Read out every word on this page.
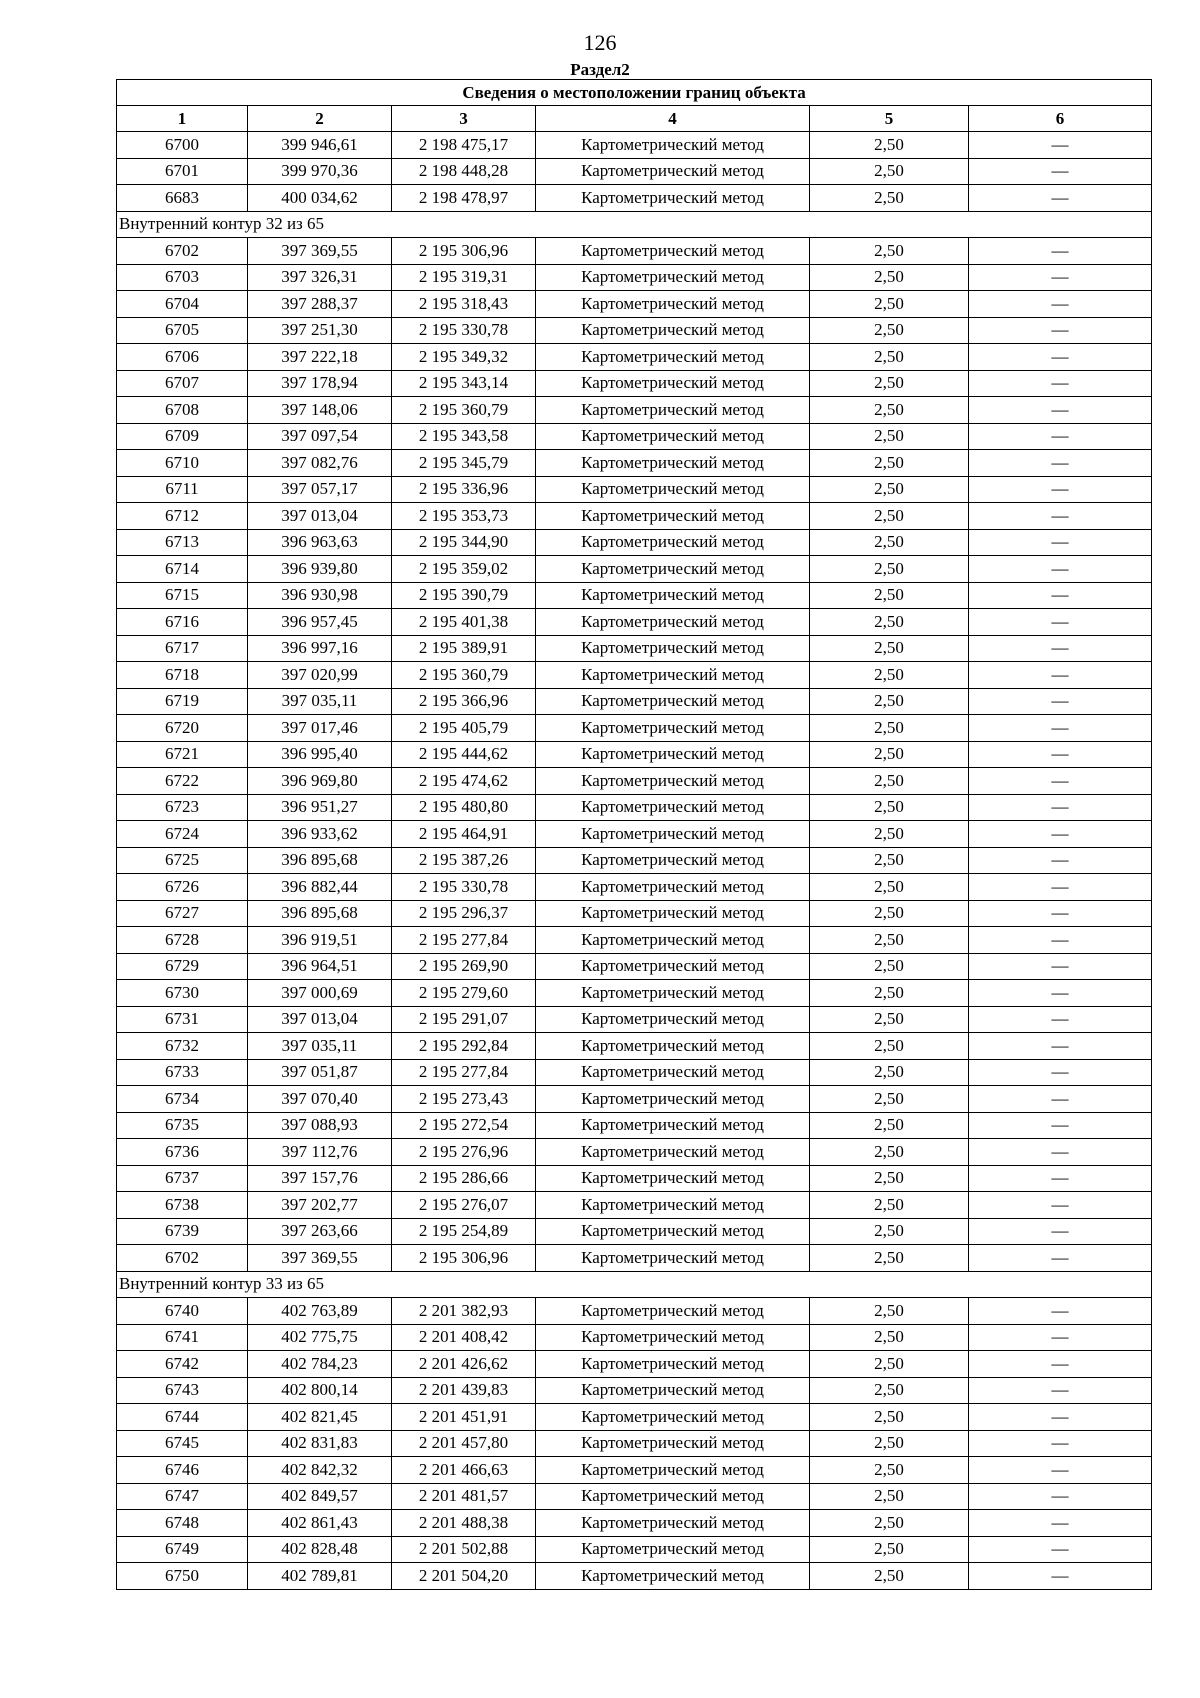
126
Раздел2
Сведения о местоположении границ объекта					
1	2	3	4	5	6
6700	399 946,61	2 198 475,17	Картометрический метод	2,50	—
6701	399 970,36	2 198 448,28	Картометрический метод	2,50	—
6683	400 034,62	2 198 478,97	Картометрический метод	2,50	—
Внутренний контур 32 из 65					
6702	397 369,55	2 195 306,96	Картометрический метод	2,50	—
6703	397 326,31	2 195 319,31	Картометрический метод	2,50	—
6704	397 288,37	2 195 318,43	Картометрический метод	2,50	—
6705	397 251,30	2 195 330,78	Картометрический метод	2,50	—
6706	397 222,18	2 195 349,32	Картометрический метод	2,50	—
6707	397 178,94	2 195 343,14	Картометрический метод	2,50	—
6708	397 148,06	2 195 360,79	Картометрический метод	2,50	—
6709	397 097,54	2 195 343,58	Картометрический метод	2,50	—
6710	397 082,76	2 195 345,79	Картометрический метод	2,50	—
6711	397 057,17	2 195 336,96	Картометрический метод	2,50	—
6712	397 013,04	2 195 353,73	Картометрический метод	2,50	—
6713	396 963,63	2 195 344,90	Картометрический метод	2,50	—
6714	396 939,80	2 195 359,02	Картометрический метод	2,50	—
6715	396 930,98	2 195 390,79	Картометрический метод	2,50	—
6716	396 957,45	2 195 401,38	Картометрический метод	2,50	—
6717	396 997,16	2 195 389,91	Картометрический метод	2,50	—
6718	397 020,99	2 195 360,79	Картометрический метод	2,50	—
6719	397 035,11	2 195 366,96	Картометрический метод	2,50	—
6720	397 017,46	2 195 405,79	Картометрический метод	2,50	—
6721	396 995,40	2 195 444,62	Картометрический метод	2,50	—
6722	396 969,80	2 195 474,62	Картометрический метод	2,50	—
6723	396 951,27	2 195 480,80	Картометрический метод	2,50	—
6724	396 933,62	2 195 464,91	Картометрический метод	2,50	—
6725	396 895,68	2 195 387,26	Картометрический метод	2,50	—
6726	396 882,44	2 195 330,78	Картометрический метод	2,50	—
6727	396 895,68	2 195 296,37	Картометрический метод	2,50	—
6728	396 919,51	2 195 277,84	Картометрический метод	2,50	—
6729	396 964,51	2 195 269,90	Картометрический метод	2,50	—
6730	397 000,69	2 195 279,60	Картометрический метод	2,50	—
6731	397 013,04	2 195 291,07	Картометрический метод	2,50	—
6732	397 035,11	2 195 292,84	Картометрический метод	2,50	—
6733	397 051,87	2 195 277,84	Картометрический метод	2,50	—
6734	397 070,40	2 195 273,43	Картометрический метод	2,50	—
6735	397 088,93	2 195 272,54	Картометрический метод	2,50	—
6736	397 112,76	2 195 276,96	Картометрический метод	2,50	—
6737	397 157,76	2 195 286,66	Картометрический метод	2,50	—
6738	397 202,77	2 195 276,07	Картометрический метод	2,50	—
6739	397 263,66	2 195 254,89	Картометрический метод	2,50	—
6702	397 369,55	2 195 306,96	Картометрический метод	2,50	—
Внутренний контур 33 из 65					
6740	402 763,89	2 201 382,93	Картометрический метод	2,50	—
6741	402 775,75	2 201 408,42	Картометрический метод	2,50	—
6742	402 784,23	2 201 426,62	Картометрический метод	2,50	—
6743	402 800,14	2 201 439,83	Картометрический метод	2,50	—
6744	402 821,45	2 201 451,91	Картометрический метод	2,50	—
6745	402 831,83	2 201 457,80	Картометрический метод	2,50	—
6746	402 842,32	2 201 466,63	Картометрический метод	2,50	—
6747	402 849,57	2 201 481,57	Картометрический метод	2,50	—
6748	402 861,43	2 201 488,38	Картометрический метод	2,50	—
6749	402 828,48	2 201 502,88	Картометрический метод	2,50	—
6750	402 789,81	2 201 504,20	Картометрический метод	2,50	—
